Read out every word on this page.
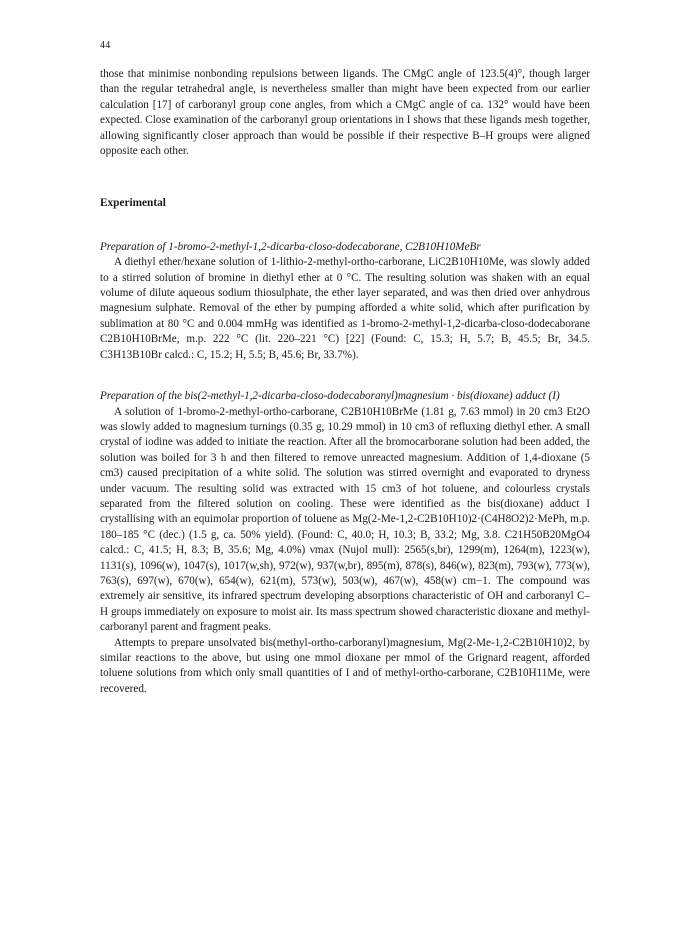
44

those that minimise nonbonding repulsions between ligands. The CMgC angle of 123.5(4)°, though larger than the regular tetrahedral angle, is nevertheless smaller than might have been expected from our earlier calculation [17] of carboranyl group cone angles, from which a CMgC angle of ca. 132° would have been expected. Close examination of the carboranyl group orientations in I shows that these ligands mesh together, allowing significantly closer approach than would be possible if their respective B–H groups were aligned opposite each other.

Experimental

Preparation of 1-bromo-2-methyl-1,2-dicarba-closo-dodecaborane, C2B10H10MeBr

A diethyl ether/hexane solution of 1-lithio-2-methyl-ortho-carborane, LiC2B10H10Me, was slowly added to a stirred solution of bromine in diethyl ether at 0 °C. The resulting solution was shaken with an equal volume of dilute aqueous sodium thiosulphate, the ether layer separated, and was then dried over anhydrous magnesium sulphate. Removal of the ether by pumping afforded a white solid, which after purification by sublimation at 80 °C and 0.004 mmHg was identified as 1-bromo-2-methyl-1,2-dicarba-closo-dodecaborane C2B10H10BrMe, m.p. 222 °C (lit. 220–221 °C) [22] (Found: C, 15.3; H, 5.7; B, 45.5; Br, 34.5. C3H13B10Br calcd.: C, 15.2; H, 5.5; B, 45.6; Br, 33.7%).

Preparation of the bis(2-methyl-1,2-dicarba-closo-dodecaboranyl)magnesium · bis(dioxane) adduct (I)

A solution of 1-bromo-2-methyl-ortho-carborane, C2B10H10BrMe (1.81 g, 7.63 mmol) in 20 cm3 Et2O was slowly added to magnesium turnings (0.35 g, 10.29 mmol) in 10 cm3 of refluxing diethyl ether. A small crystal of iodine was added to initiate the reaction. After all the bromocarborane solution had been added, the solution was boiled for 3 h and then filtered to remove unreacted magnesium. Addition of 1,4-dioxane (5 cm3) caused precipitation of a white solid. The solution was stirred overnight and evaporated to dryness under vacuum. The resulting solid was extracted with 15 cm3 of hot toluene, and colourless crystals separated from the filtered solution on cooling. These were identified as the bis(dioxane) adduct I crystallising with an equimolar proportion of toluene as Mg(2-Me-1,2-C2B10H10)2·(C4H8O2)2·MePh, m.p. 180–185 °C (dec.) (1.5 g, ca. 50% yield). (Found: C, 40.0; H, 10.3; B, 33.2; Mg, 3.8. C21H50B20MgO4 calcd.: C, 41.5; H, 8.3; B, 35.6; Mg, 4.0%) νmax (Nujol mull): 2565(s,br), 1299(m), 1264(m), 1223(w), 1131(s), 1096(w), 1047(s), 1017(w,sh), 972(w), 937(w,br), 895(m), 878(s), 846(w), 823(m), 793(w), 773(w), 763(s), 697(w), 670(w), 654(w), 621(m), 573(w), 503(w), 467(w), 458(w) cm−1. The compound was extremely air sensitive, its infrared spectrum developing absorptions characteristic of OH and carboranyl C–H groups immediately on exposure to moist air. Its mass spectrum showed characteristic dioxane and methyl-carboranyl parent and fragment peaks.

Attempts to prepare unsolvated bis(methyl-ortho-carboranyl)magnesium, Mg(2-Me-1,2-C2B10H10)2, by similar reactions to the above, but using one mmol dioxane per mmol of the Grignard reagent, afforded toluene solutions from which only small quantities of I and of methyl-ortho-carborane, C2B10H11Me, were recovered.
